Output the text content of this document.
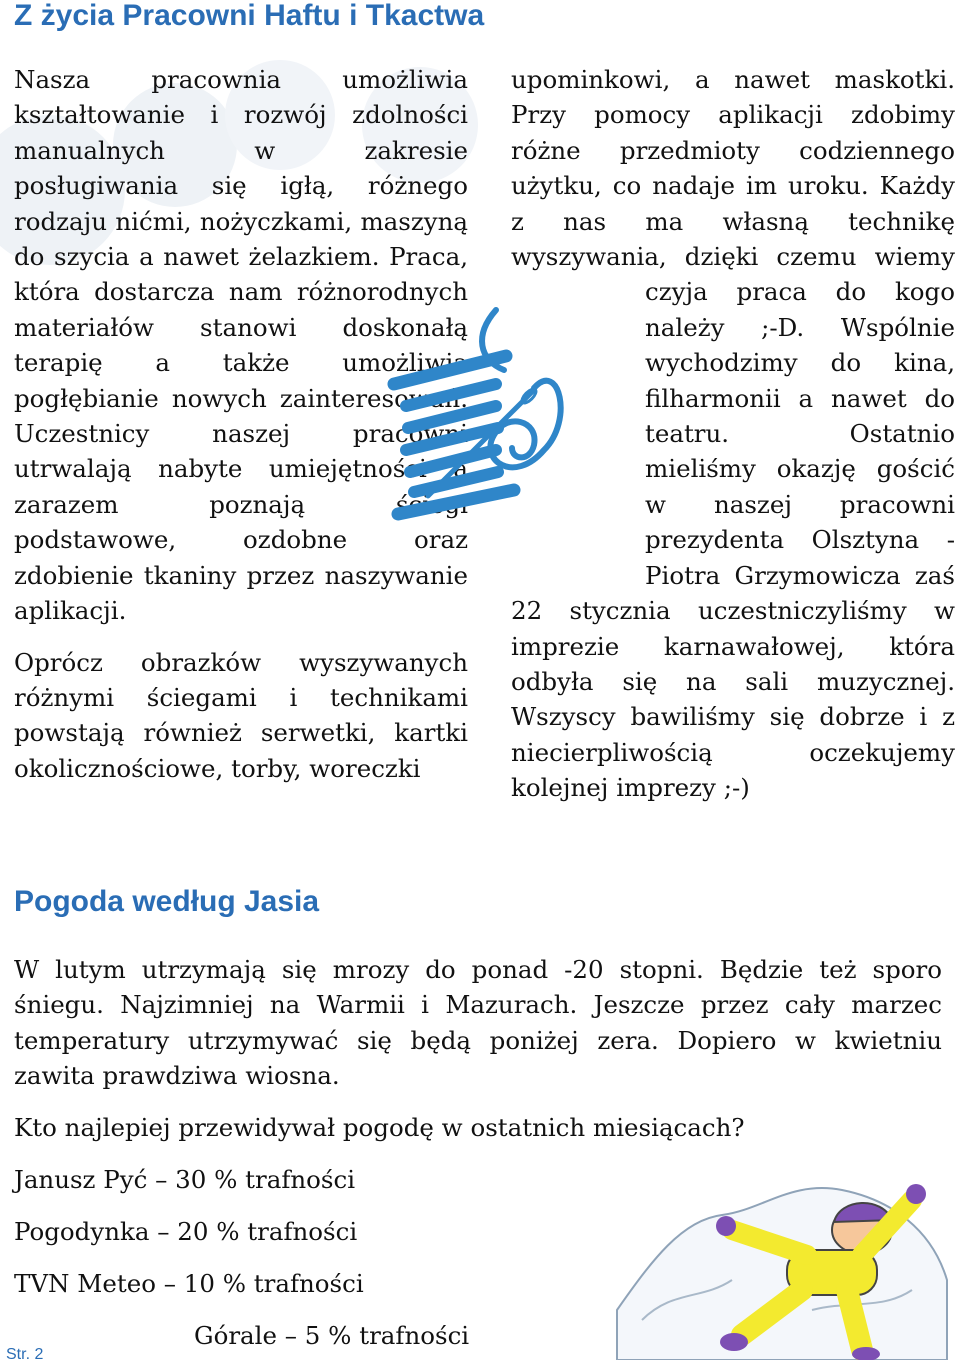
Z życia Pracowni Haftu i Tkactwa

Nasza pracownia umożliwia kształtowanie i rozwój zdolności manualnych w zakresie posługiwania się igłą, różnego rodzaju nićmi, nożyczkami, maszyną do szycia a nawet żelazkiem. Praca, która dostarcza nam różnorodnych materiałów stanowi doskonałą terapię a także umożliwia pogłębianie nowych zainteresowań. Uczestnicy naszej pracowni utrwalają nabyte umiejętności a zarazem poznają ściegi podstawowe, ozdobne oraz zdobienie tkaniny przez naszywanie aplikacji.

Oprócz obrazków wyszywanych różnymi ściegami i technikami powstają również serwetki, kartki okolicznościowe, torby, woreczki

upominkowi, a nawet maskotki. Przy pomocy aplikacji zdobimy różne przedmioty codziennego użytku, co nadaje im uroku. Każdy z nas ma własną technikę wyszywania, dzięki czemu wiemy
czyja praca do kogo należy ;-D. Wspólnie wychodzimy do kina, filharmonii a nawet do teatru. Ostatnio mieliśmy okazję gościć w naszej pracowni prezydenta Olsztyna - Piotra Grzymowicza zaś 22 stycznia uczestniczyliśmy w imprezie karnawałowej, która odbyła się na sali muzycznej. Wszyscy bawiliśmy się dobrze i z niecierpliwością oczekujemy kolejnej imprezy ;-)

Pogoda według Jasia

W lutym utrzymają się mrozy do ponad -20 stopni. Będzie też sporo śniegu. Najzimniej na Warmii i Mazurach. Jeszcze przez cały marzec temperatury utrzymywać się będą poniżej zera. Dopiero w kwietniu zawita prawdziwa wiosna.

Kto najlepiej przewidywał pogodę w ostatnich miesiącach?

Janusz Pyć – 30 % trafności

Pogodynka – 20 % trafności

TVN Meteo – 10 % trafności

Górale – 5 % trafności

Str. 2
